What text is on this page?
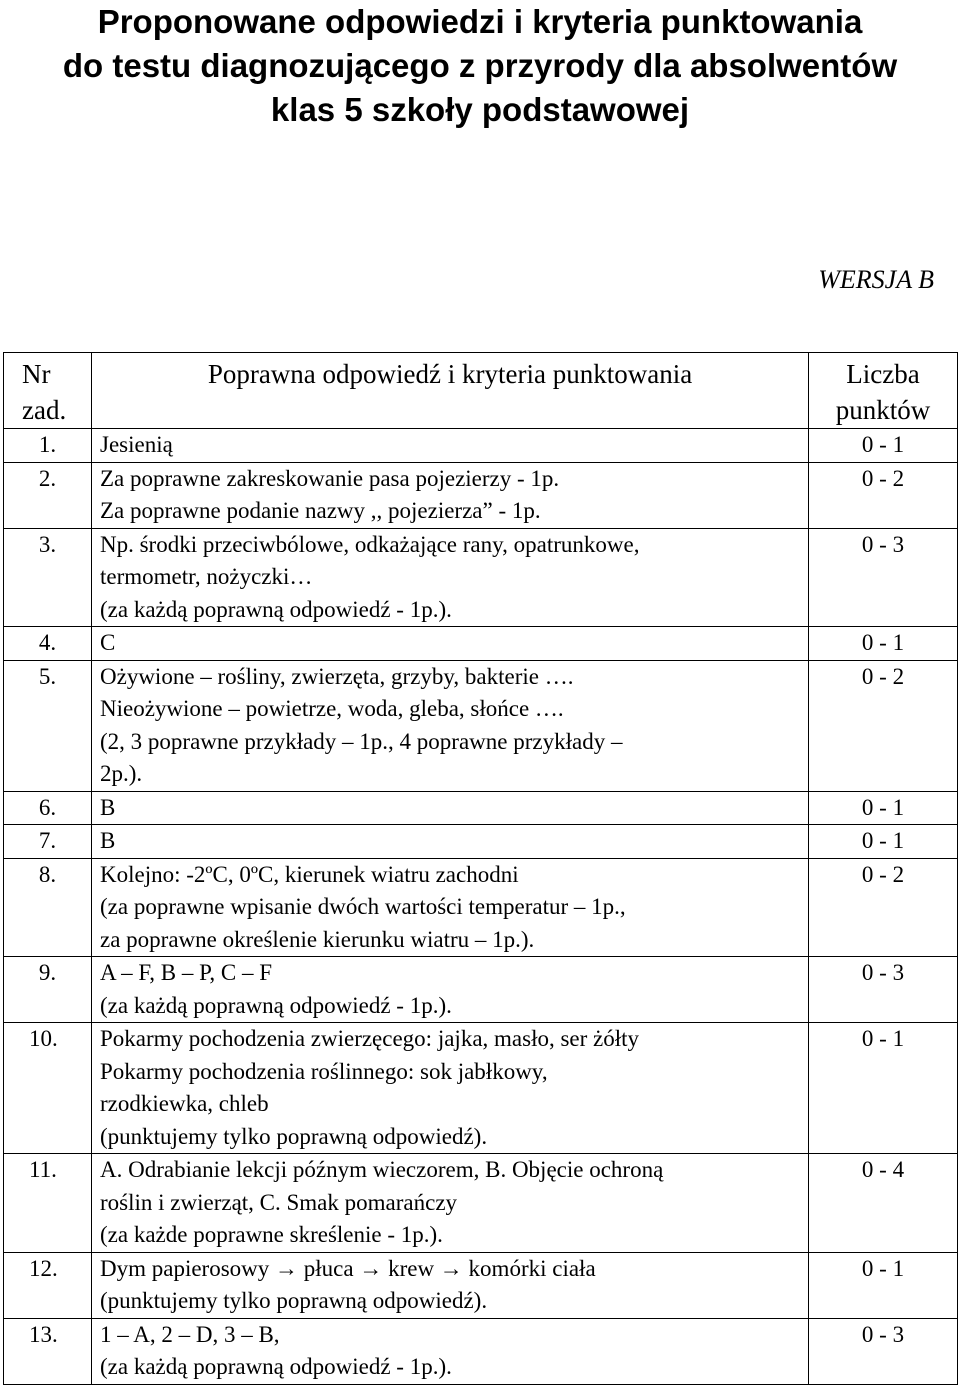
Proponowane odpowiedzi i kryteria punktowania
do testu diagnozującego z przyrody dla absolwentów
klas 5 szkoły podstawowej
WERSJA B
Nr
zad.	Poprawna odpowiedź i kryteria punktowania	Liczba
punktów

1.	Jesienią	0 - 1
2.	Za poprawne zakreskowanie pasa pojezierzy - 1p.
Za poprawne podanie nazwy ,, pojezierza” - 1p.	0 - 2
3.	Np. środki przeciwbólowe, odkażające rany, opatrunkowe,
termometr, nożyczki…
(za każdą poprawną odpowiedź - 1p.).	0 - 3
4.	C	0 - 1
5.	Ożywione – rośliny, zwierzęta, grzyby, bakterie ….
Nieożywione – powietrze, woda, gleba, słońce ….
(2, 3 poprawne przykłady – 1p., 4 poprawne przykłady –
2p.).	0 - 2
6.	B	0 - 1
7.	B	0 - 1
8.	Kolejno: -2ºC, 0ºC, kierunek wiatru zachodni
(za poprawne wpisanie dwóch wartości temperatur – 1p.,
za poprawne określenie kierunku wiatru – 1p.).	0 - 2
9.	A – F, B – P, C – F
(za każdą poprawną odpowiedź - 1p.).	0 - 3
10.	Pokarmy pochodzenia zwierzęcego: jajka, masło, ser żółty
Pokarmy pochodzenia roślinnego: sok jabłkowy,
rzodkiewka, chleb
(punktujemy tylko poprawną odpowiedź).	0 - 1
11.	A. Odrabianie lekcji późnym wieczorem, B. Objęcie ochroną
roślin i zwierząt, C. Smak pomarańczy
(za każde poprawne skreślenie - 1p.).	0 - 4
12.	Dym papierosowy → płuca → krew → komórki ciała
(punktujemy tylko poprawną odpowiedź).	0 - 1
13.	1 – A, 2 – D, 3 – B,
(za każdą poprawną odpowiedź - 1p.).	0 - 3
